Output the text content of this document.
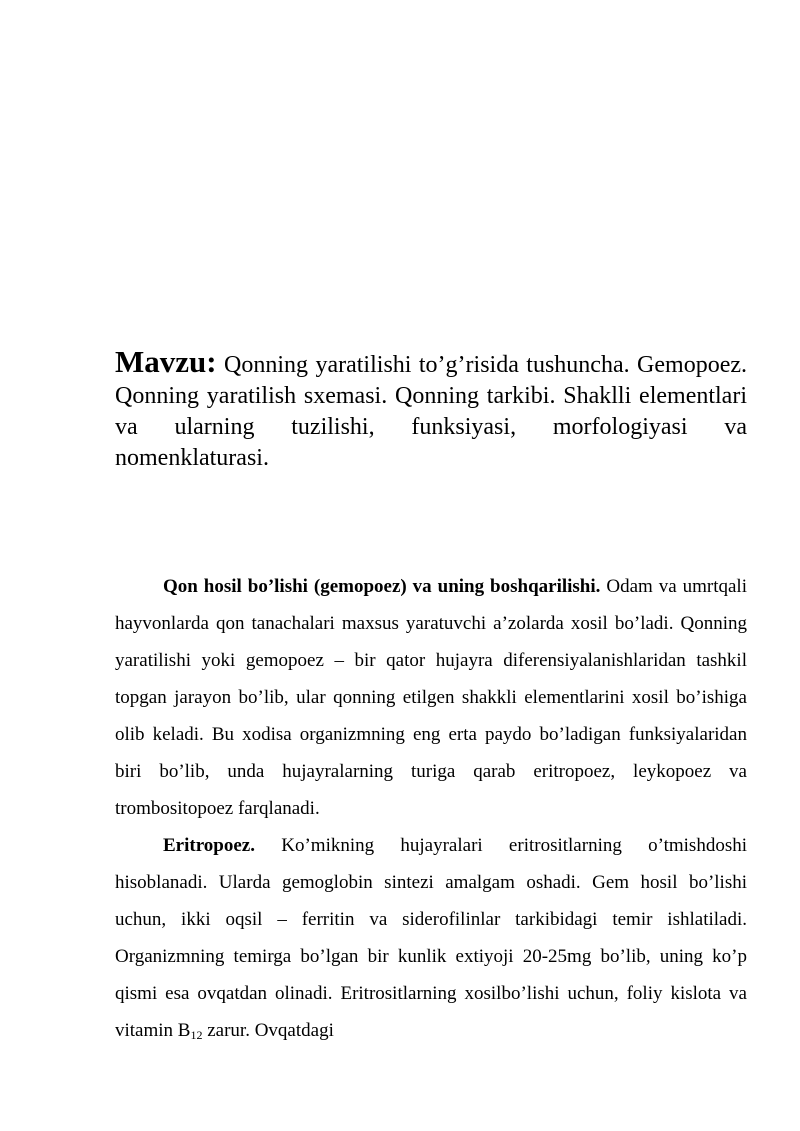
Mavzu: Qonning yaratilishi to’g’risida tushuncha. Gemopoez. Qonning yaratilish sxemasi. Qonning tarkibi. Shaklli elementlari va ularning tuzilishi, funksiyasi, morfologiyasi va nomenklaturasi.

Qon hosil bo’lishi (gemopoez) va uning boshqarilishi. Odam va umrtqali hayvonlarda qon tanachalari maxsus yaratuvchi a’zolarda xosil bo’ladi. Qonning yaratilishi yoki gemopoez – bir qator hujayra diferensiyalanishlaridan tashkil topgan jarayon bo’lib, ular qonning etilgen shakkli elementlarini xosil bo’ishiga olib keladi. Bu xodisa organizmning eng erta paydo bo’ladigan funksiyalaridan biri bo’lib, unda hujayralarning turiga qarab eritropoez, leykopoez va trombositopoez farqlanadi.

Eritropoez. Ko’mikning hujayralari eritrositlarning o’tmishdoshi hisoblanadi. Ularda gemoglobin sintezi amalgam oshadi. Gem hosil bo’lishi uchun, ikki oqsil – ferritin va siderofilinlar tarkibidagi temir ishlatiladi. Organizmning temirga bo’lgan bir kunlik extiyoji 20-25mg bo’lib, uning ko’p qismi esa ovqatdan olinadi. Eritrositlarning xosilbo’lishi uchun, foliy kislota va vitamin $B_{12}$ zarur. Ovqatdagi
